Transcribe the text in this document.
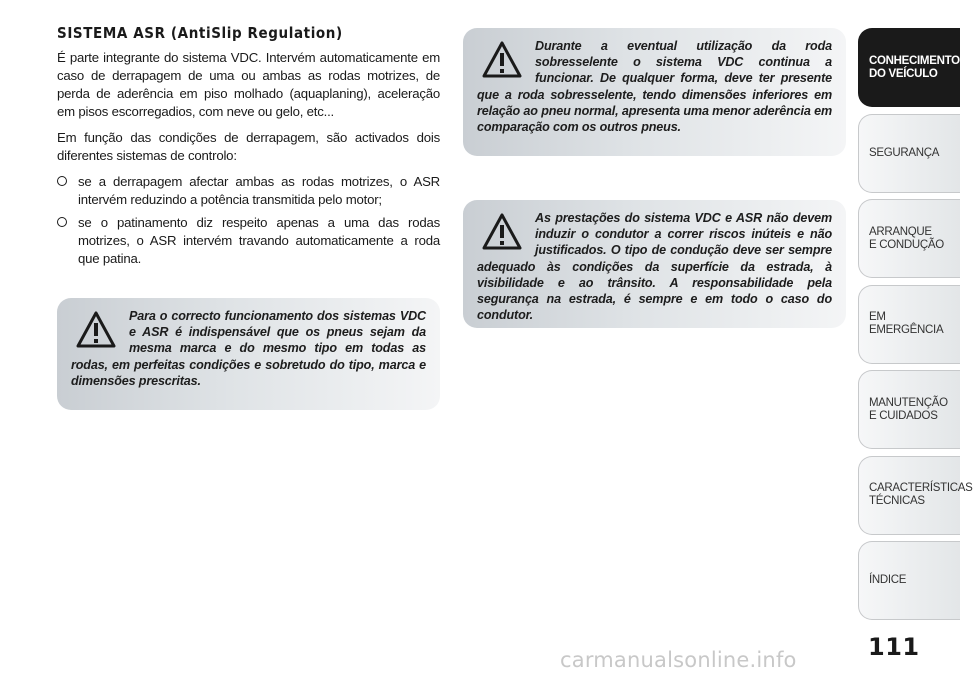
SISTEMA ASR (AntiSlip Regulation)

É parte integrante do sistema VDC. Intervém automaticamente em caso de derrapagem de uma ou ambas as rodas motrizes, de perda de aderência em piso molhado (aquaplaning), aceleração em pisos escorregadios, com neve ou gelo, etc...

Em função das condições de derrapagem, são activados dois diferentes sistemas de controlo:

se a derrapagem afectar ambas as rodas motrizes, o ASR intervém reduzindo a potência transmitida pelo motor;
se o patinamento diz respeito apenas a uma das rodas motrizes, o ASR intervém travando automaticamente a roda que patina.

Para o correcto funcionamento dos sistemas VDC e ASR é indispensável que os pneus sejam da mesma marca e do mesmo tipo em todas as rodas, em perfeitas condições e sobretudo do tipo, marca e dimensões prescritas.

Durante a eventual utilização da roda sobresselente o sistema VDC continua a funcionar. De qualquer forma, deve ter presente que a roda sobresselente, tendo dimensões inferiores em relação ao pneu normal, apresenta uma menor aderência em comparação com os outros pneus.

As prestações do sistema VDC e ASR não devem induzir o condutor a correr riscos inúteis e não justificados. O tipo de condução deve ser sempre adequado às condições da superfície da estrada, à visibilidade e ao trânsito. A responsabilidade pela segurança na estrada, é sempre e em todo o caso do condutor.

CONHECIMENTO
DO VEÍCULO
SEGURANÇA
ARRANQUE
E CONDUÇÃO
EM EMERGÊNCIA
MANUTENÇÃO
E CUIDADOS
CARACTERÍSTICAS
TÉCNICAS
ÍNDICE
111
carmanualsonline.info
